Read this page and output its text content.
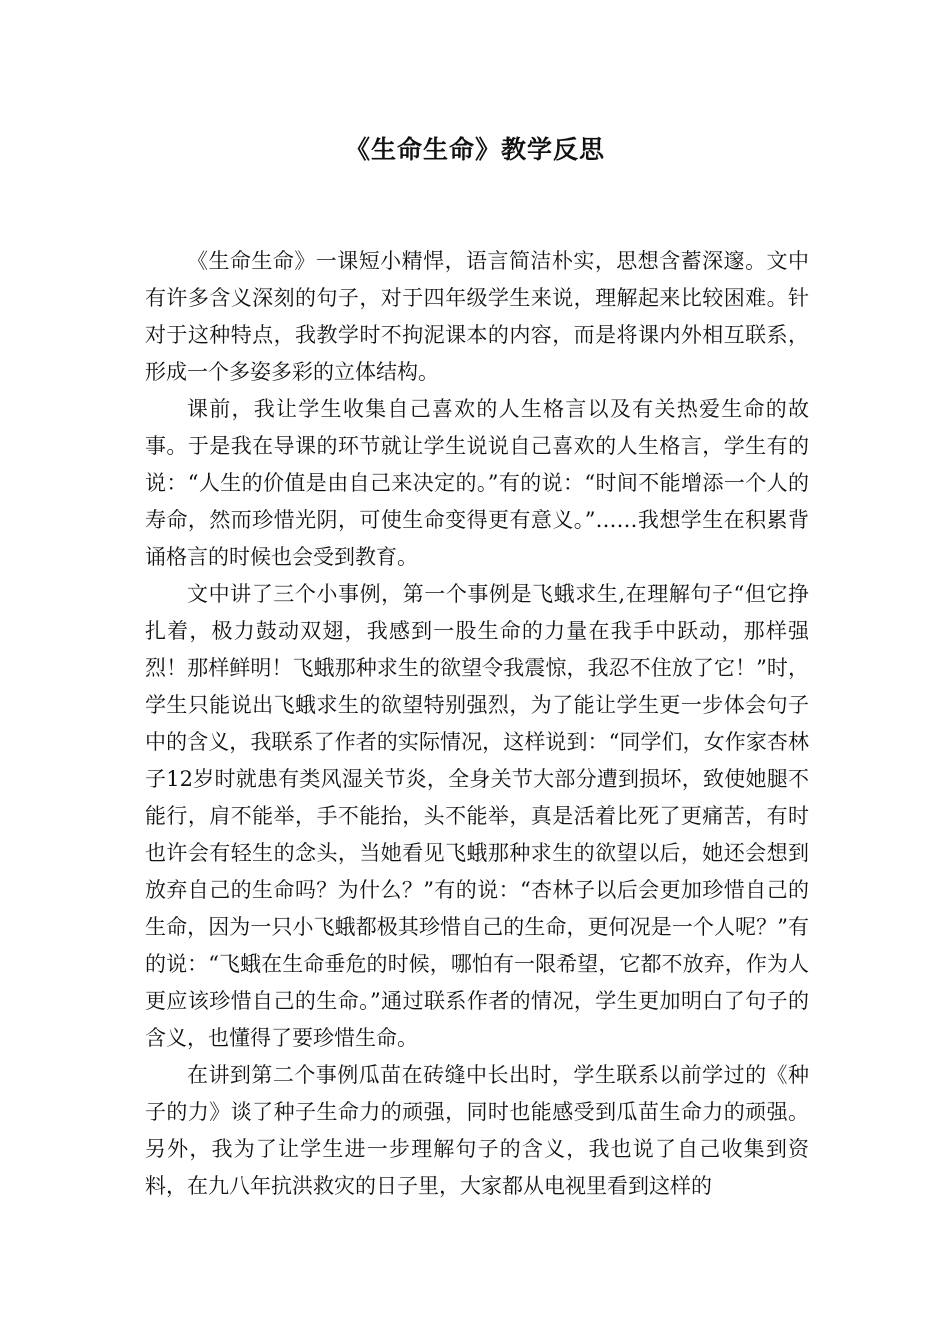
《生命生命》教学反思

《生命生命》一课短小精悍，语言简洁朴实，思想含蓄深邃。文中有许多含义深刻的句子，对于四年级学生来说，理解起来比较困难。针对于这种特点，我教学时不拘泥课本的内容，而是将课内外相互联系，形成一个多姿多彩的立体结构。

课前，我让学生收集自己喜欢的人生格言以及有关热爱生命的故事。于是我在导课的环节就让学生说说自己喜欢的人生格言，学生有的说：“人生的价值是由自己来决定的。”有的说：“时间不能增添一个人的寿命，然而珍惜光阴，可使生命变得更有意义。”……我想学生在积累背诵格言的时候也会受到教育。

文中讲了三个小事例，第一个事例是飞蛾求生,在理解句子“但它挣扎着，极力鼓动双翅，我感到一股生命的力量在我手中跃动，那样强烈！那样鲜明！飞蛾那种求生的欲望令我震惊，我忍不住放了它！”时，学生只能说出飞蛾求生的欲望特别强烈，为了能让学生更一步体会句子中的含义，我联系了作者的实际情况，这样说到：“同学们，女作家杏林子12岁时就患有类风湿关节炎，全身关节大部分遭到损坏，致使她腿不能行，肩不能举，手不能抬，头不能举，真是活着比死了更痛苦，有时也许会有轻生的念头，当她看见飞蛾那种求生的欲望以后，她还会想到放弃自己的生命吗？为什么？”有的说：“杏林子以后会更加珍惜自己的生命，因为一只小飞蛾都极其珍惜自己的生命，更何况是一个人呢？”有的说：“飞蛾在生命垂危的时候，哪怕有一限希望，它都不放弃，作为人更应该珍惜自己的生命。”通过联系作者的情况，学生更加明白了句子的含义，也懂得了要珍惜生命。

在讲到第二个事例瓜苗在砖缝中长出时，学生联系以前学过的《种子的力》谈了种子生命力的顽强，同时也能感受到瓜苗生命力的顽强。另外，我为了让学生进一步理解句子的含义，我也说了自己收集到资料，在九八年抗洪救灾的日子里，大家都从电视里看到这样的
